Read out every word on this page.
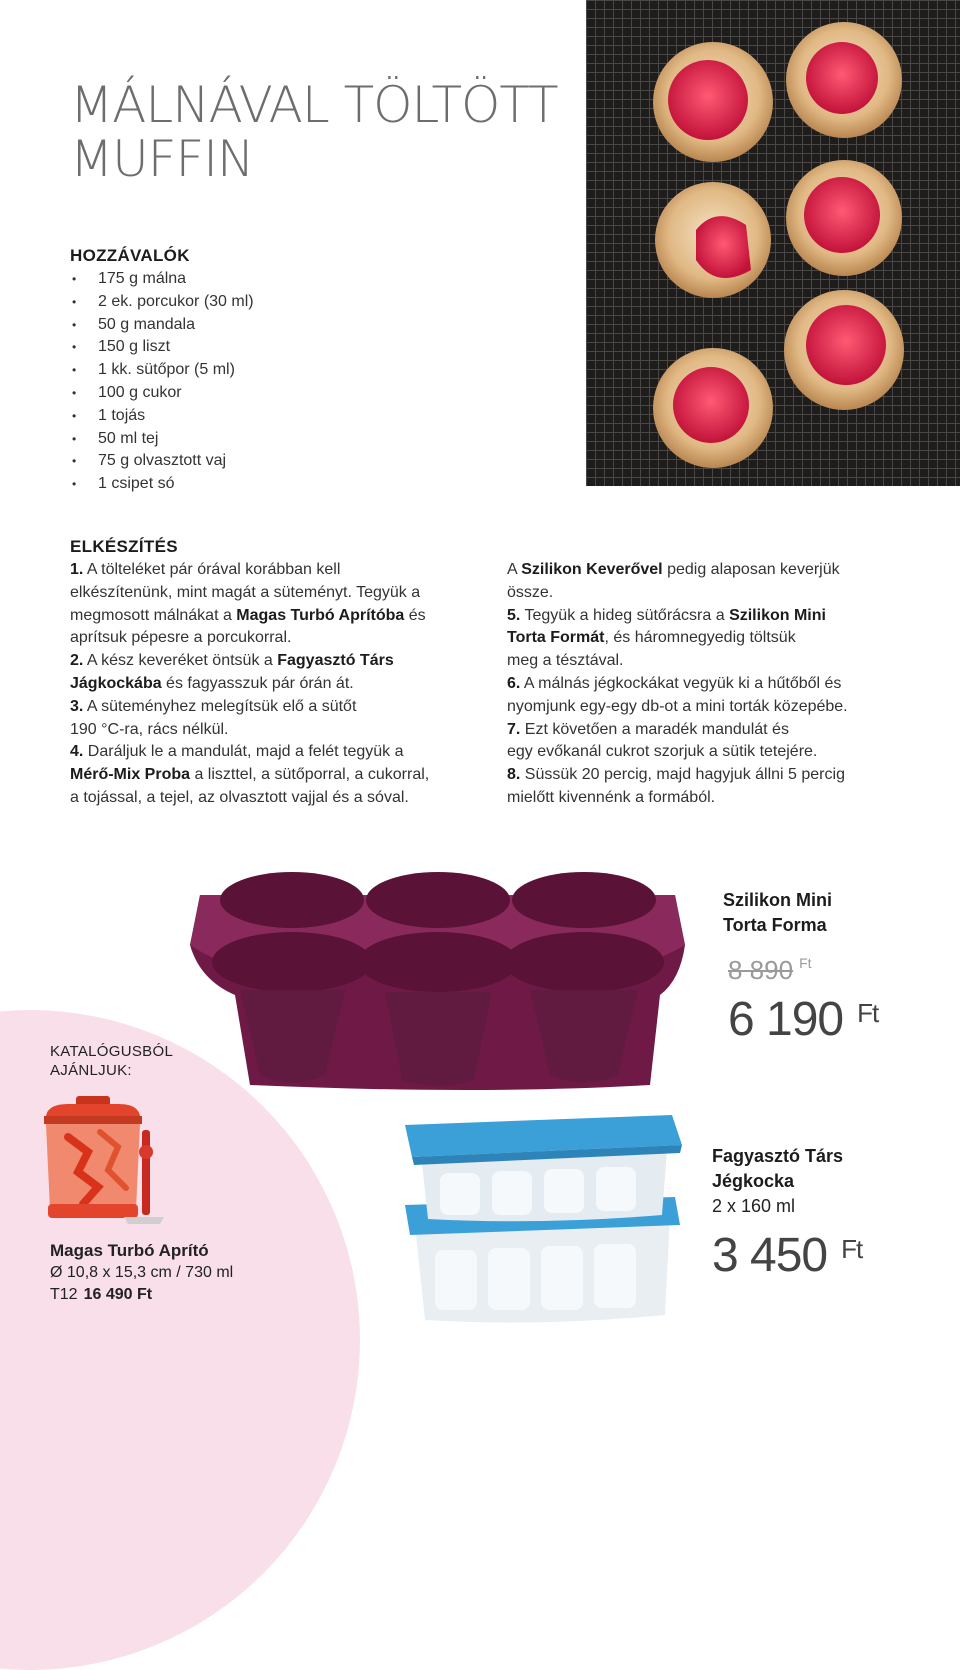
MÁLNÁVAL TÖLTÖTT
MUFFIN
HOZZÁVALÓK
• 175 g málna
• 2 ek. porcukor (30 ml)
• 50 g mandala
• 150 g liszt
• 1 kk. sütőpor (5 ml)
• 100 g cukor
• 1 tojás
• 50 ml tej
• 75 g olvasztott vaj
• 1 csipet só
ELKÉSZÍTÉS
1. A tölteléket pár órával korábban kell
elkészítenünk, mint magát a süteményt. Tegyük a
megmosott málnákat a Magas Turbó Aprítóba és
aprítsuk pépesre a porcukorral.
2. A kész keveréket öntsük a Fagyasztó Társ
Jágkockába és fagyasszuk pár órán át.
3. A süteményhez melegítsük elő a sütőt
190 °C-ra, rács nélkül.
4. Daráljuk le a mandulát, majd a felét tegyük a
Mérő-Mix Proba a liszttel, a sütőporral, a cukorral,
a tojással, a tejel, az olvasztott vajjal és a sóval.
A Szilikon Keverővel pedig alaposan keverjük
össze.
5. Tegyük a hideg sütőrácsra a Szilikon Mini
Torta Formát, és háromnegyedig töltsük
meg a tésztával.
6. A málnás jégkockákat vegyük ki a hűtőből és
nyomjunk egy-egy db-ot a mini torták közepébe.
7. Ezt követően a maradék mandulát és
egy evőkanál cukrot szorjuk a sütik tetejére.
8. Süssük 20 percig, majd hagyjuk állni 5 percig
mielőtt kivennénk a formából.
KATALÓGUSBÓL
AJÁNLJUK:
Szilikon Mini
Torta Forma
8 890 $^{Ft}$
6 190 $^{Ft}$
Fagyasztó Társ
Jégkocka
2 x 160 ml
3 450 $^{Ft}$
Magas Turbó Aprító
Ø 10,8 x 15,3 cm / 730 ml
T12 16 490 Ft
